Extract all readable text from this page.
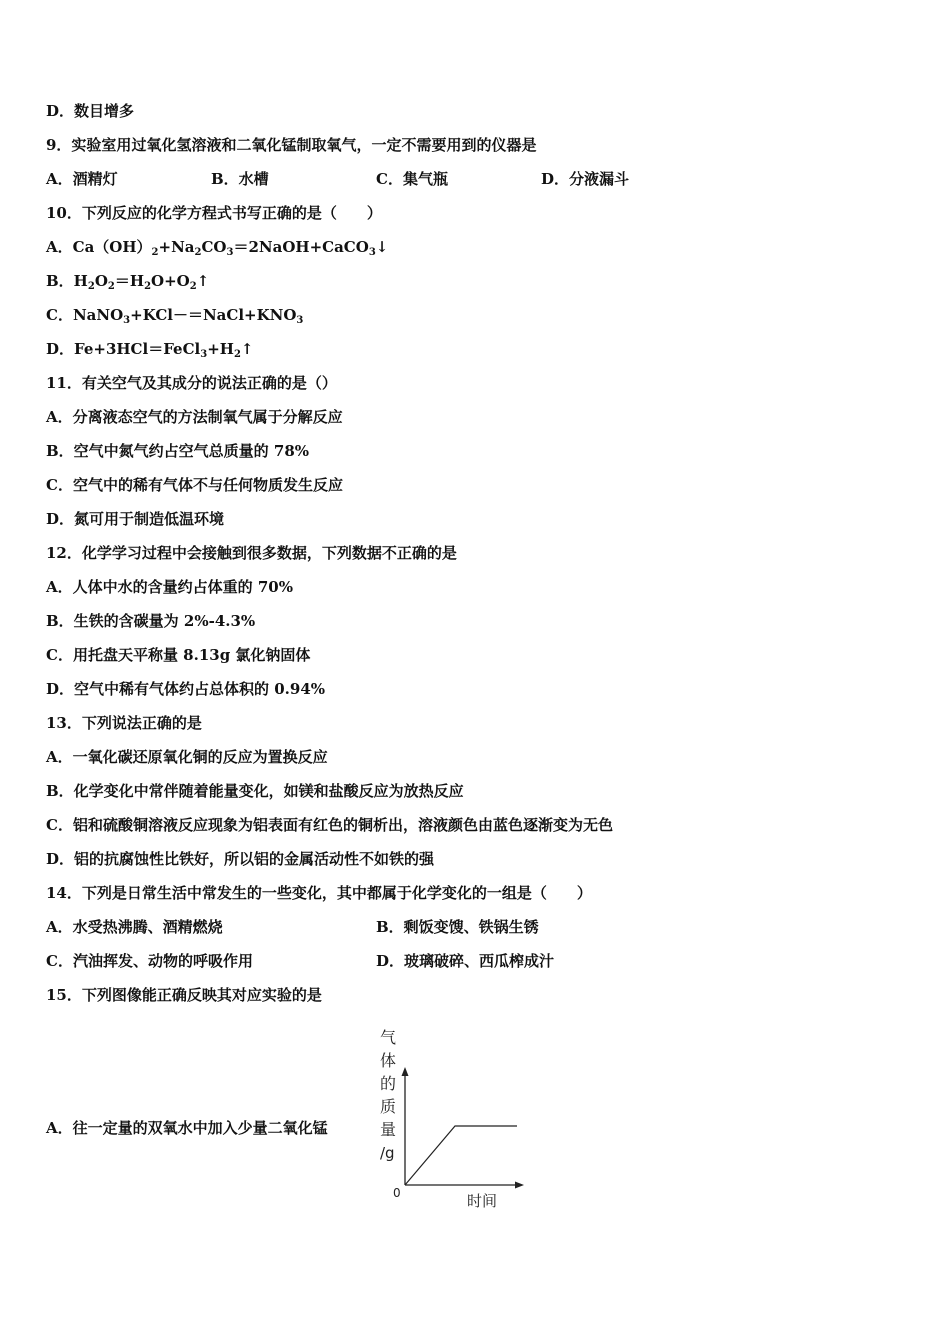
D．数目增多
9．实验室用过氧化氢溶液和二氧化锰制取氧气，一定不需要用到的仪器是
A．酒精灯	B．水槽	C．集气瓶	D．分液漏斗
10．下列反应的化学方程式书写正确的是（　　）
A．$Ca(OH)_2+Na_2CO_3=2NaOH+CaCO_3↓$
B．$H_2O_2=H_2O+O_2↑$
C．$NaNO_3+KCl-=NaCl+KNO_3$
D．$Fe+3HCl=FeCl_3+H_2↑$
11．有关空气及其成分的说法正确的是（）
A．分离液态空气的方法制氧气属于分解反应
B．空气中氮气约占空气总质量的 78%
C．空气中的稀有气体不与任何物质发生反应
D．氮可用于制造低温环境
12．化学学习过程中会接触到很多数据，下列数据不正确的是
A．人体中水的含量约占体重的 70%
B．生铁的含碳量为 2%-4.3%
C．用托盘天平称量 8.13g 氯化钠固体
D．空气中稀有气体约占总体积的 0.94%
13．下列说法正确的是
A．一氧化碳还原氧化铜的反应为置换反应
B．化学变化中常伴随着能量变化，如镁和盐酸反应为放热反应
C．铝和硫酸铜溶液反应现象为铝表面有红色的铜析出，溶液颜色由蓝色逐渐变为无色
D．铝的抗腐蚀性比铁好，所以铝的金属活动性不如铁的强
14．下列是日常生活中常发生的一些变化，其中都属于化学变化的一组是（　　）
A．水受热沸腾、酒精燃烧	B．剩饭变馊、铁锅生锈
C．汽油挥发、动物的呼吸作用	D．玻璃破碎、西瓜榨成汁
15．下列图像能正确反映其对应实验的是
A．往一定量的双氧水中加入少量二氧化锰
气
体
的
质
量
/g
0	时间
